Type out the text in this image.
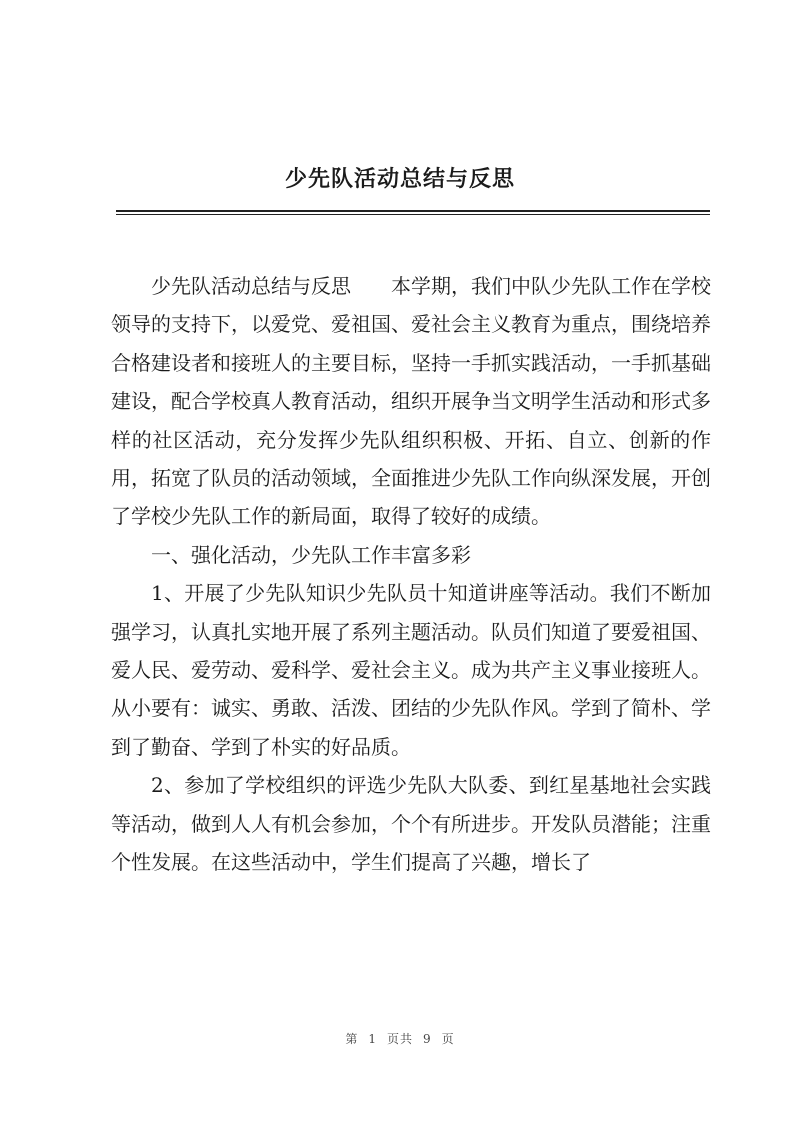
少先队活动总结与反思

少先队活动总结与反思 本学期，我们中队少先队工作在学校领导的支持下，以爱党、爱祖国、爱社会主义教育为重点，围绕培养合格建设者和接班人的主要目标，坚持一手抓实践活动，一手抓基础建设，配合学校真人教育活动，组织开展争当文明学生活动和形式多样的社区活动，充分发挥少先队组织积极、开拓、自立、创新的作用，拓宽了队员的活动领域，全面推进少先队工作向纵深发展，开创了学校少先队工作的新局面，取得了较好的成绩。

一、强化活动，少先队工作丰富多彩

1、开展了少先队知识少先队员十知道讲座等活动。我们不断加强学习，认真扎实地开展了系列主题活动。队员们知道了要爱祖国、爱人民、爱劳动、爱科学、爱社会主义。成为共产主义事业接班人。从小要有：诚实、勇敢、活泼、团结的少先队作风。学到了简朴、学到了勤奋、学到了朴实的好品质。

2、参加了学校组织的评选少先队大队委、到红星基地社会实践等活动，做到人人有机会参加，个个有所进步。开发队员潜能；注重个性发展。在这些活动中，学生们提高了兴趣，增长了

第 1 页共 9 页
